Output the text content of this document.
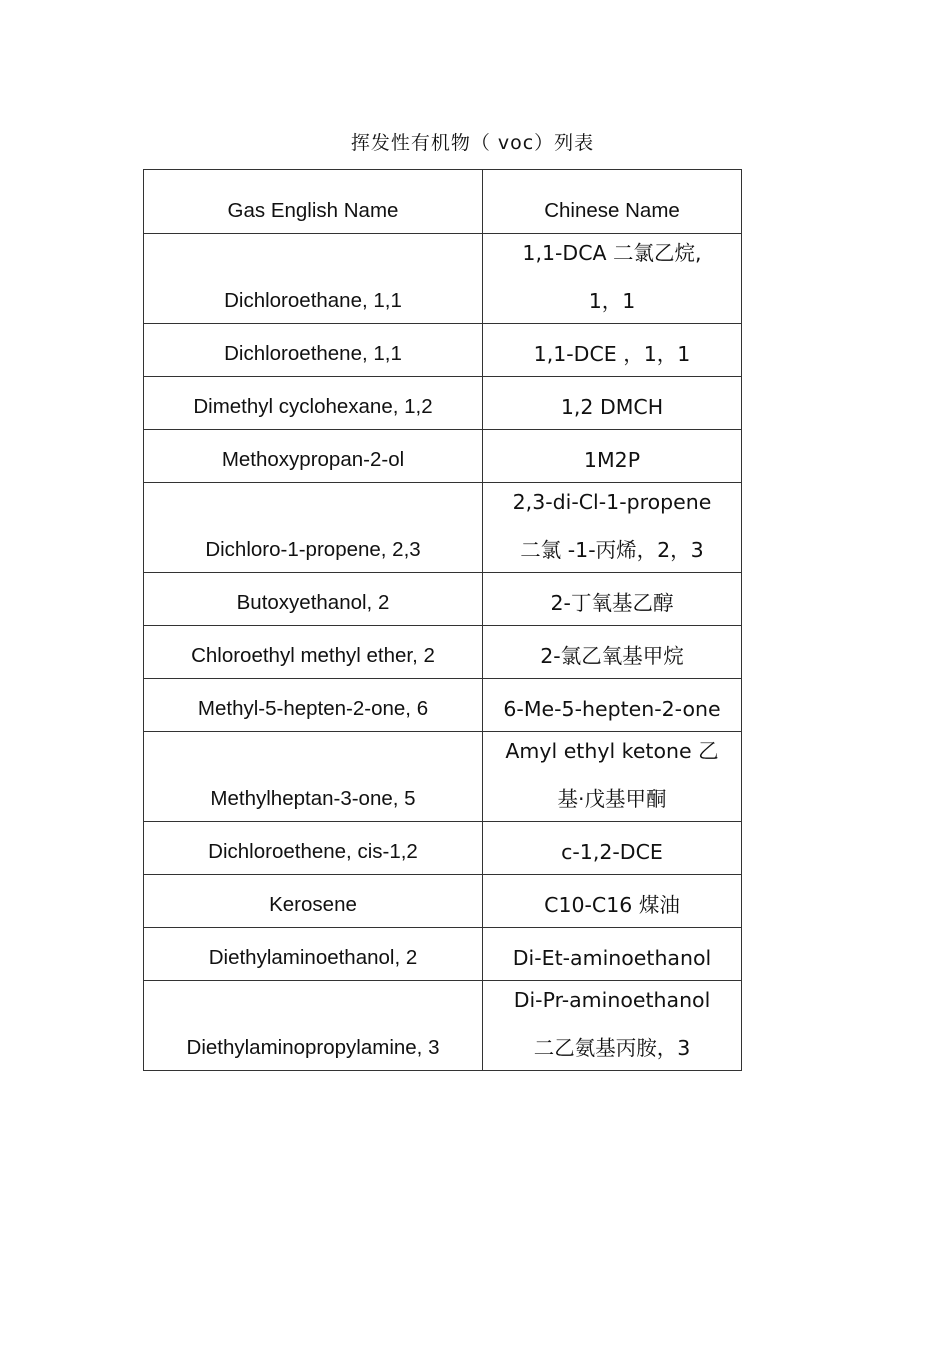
挥发性有机物（ voc）列表
Gas English Name	Chinese Name
Dichloroethane, 1,1	1,1-DCA 二氯乙烷,
1，1

Dichloroethene, 1,1	1,1-DCE ，1，1

Dimethyl cyclohexane, 1,2	1,2 DMCH

Methoxypropan-2-ol	1M2P

Dichloro-1-propene, 2,3	2,3-di-Cl-1-propene
二氯 -1-丙烯，2，3

Butoxyethanol, 2	2-丁氧基乙醇

Chloroethyl methyl ether, 2	2-氯乙氧基甲烷

Methyl-5-hepten-2-one, 6	6-Me-5-hepten-2-one

Methylheptan-3-one, 5	Amyl ethyl ketone 乙
基·戊基甲酮

Dichloroethene, cis-1,2	c-1,2-DCE

Kerosene	C10-C16 煤油

Diethylaminoethanol, 2	Di-Et-aminoethanol

Diethylaminopropylamine, 3	Di-Pr-aminoethanol
二乙氨基丙胺，3
